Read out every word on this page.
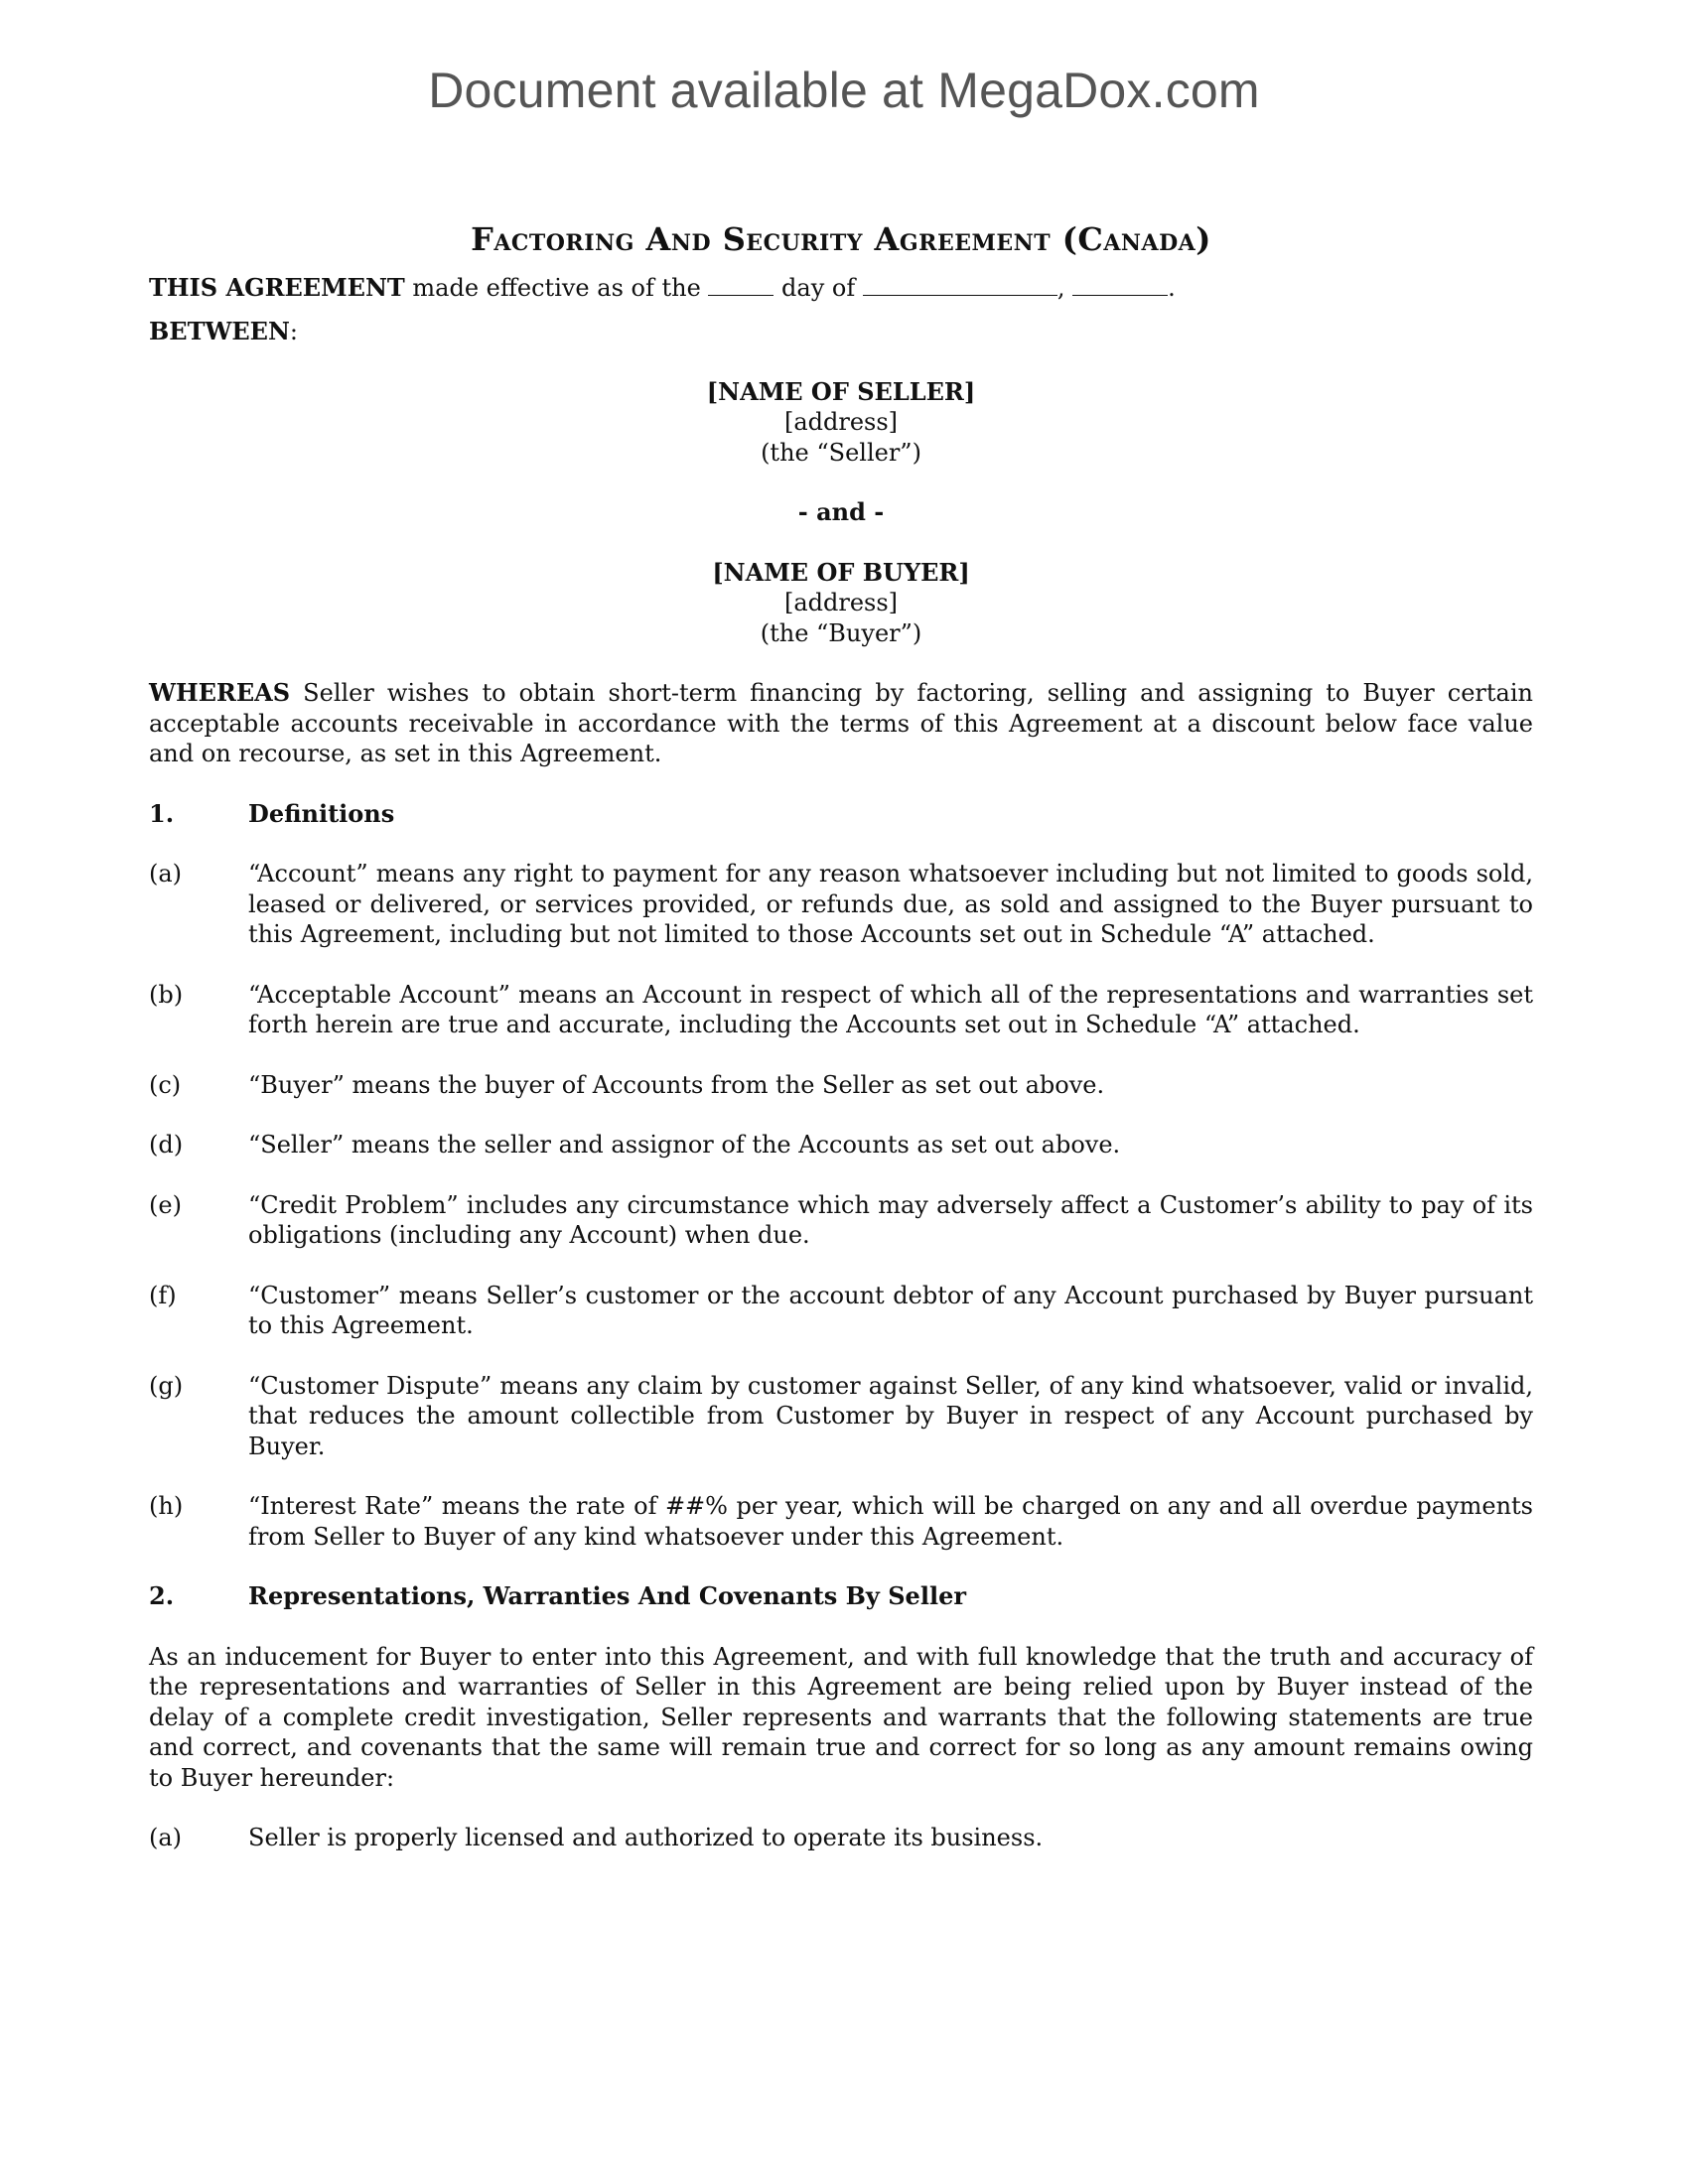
Document available at MegaDox.com
Factoring And Security Agreement (Canada)
THIS AGREEMENT made effective as of the	day of	,	.
BETWEEN:
[NAME OF SELLER]
[address]
(the “Seller”)
- and -
[NAME OF BUYER]
[address]
(the “Buyer”)
WHEREAS Seller wishes to obtain short-term financing by factoring, selling and assigning to Buyer certain acceptable accounts receivable in accordance with the terms of this Agreement at a discount below face value and on recourse, as set in this Agreement.
1.	Definitions
(a)	“Account” means any right to payment for any reason whatsoever including but not limited to goods sold, leased or delivered, or services provided, or refunds due, as sold and assigned to the Buyer pursuant to this Agreement, including but not limited to those Accounts set out in Schedule “A” attached.
(b)	“Acceptable Account” means an Account in respect of which all of the representations and warranties set forth herein are true and accurate, including the Accounts set out in Schedule “A” attached.
(c)	“Buyer” means the buyer of Accounts from the Seller as set out above.
(d)	“Seller” means the seller and assignor of the Accounts as set out above.
(e)	“Credit Problem” includes any circumstance which may adversely affect a Customer’s ability to pay of its obligations (including any Account) when due.
(f)	“Customer” means Seller’s customer or the account debtor of any Account purchased by Buyer pursuant to this Agreement.
(g)	“Customer Dispute” means any claim by customer against Seller, of any kind whatsoever, valid or invalid, that reduces the amount collectible from Customer by Buyer in respect of any Account purchased by Buyer.
(h)	“Interest Rate” means the rate of ##% per year, which will be charged on any and all overdue payments from Seller to Buyer of any kind whatsoever under this Agreement.
2.	Representations, Warranties And Covenants By Seller
As an inducement for Buyer to enter into this Agreement, and with full knowledge that the truth and accuracy of the representations and warranties of Seller in this Agreement are being relied upon by Buyer instead of the delay of a complete credit investigation, Seller represents and warrants that the following statements are true and correct, and covenants that the same will remain true and correct for so long as any amount remains owing to Buyer hereunder:
(a)	Seller is properly licensed and authorized to operate its business.
